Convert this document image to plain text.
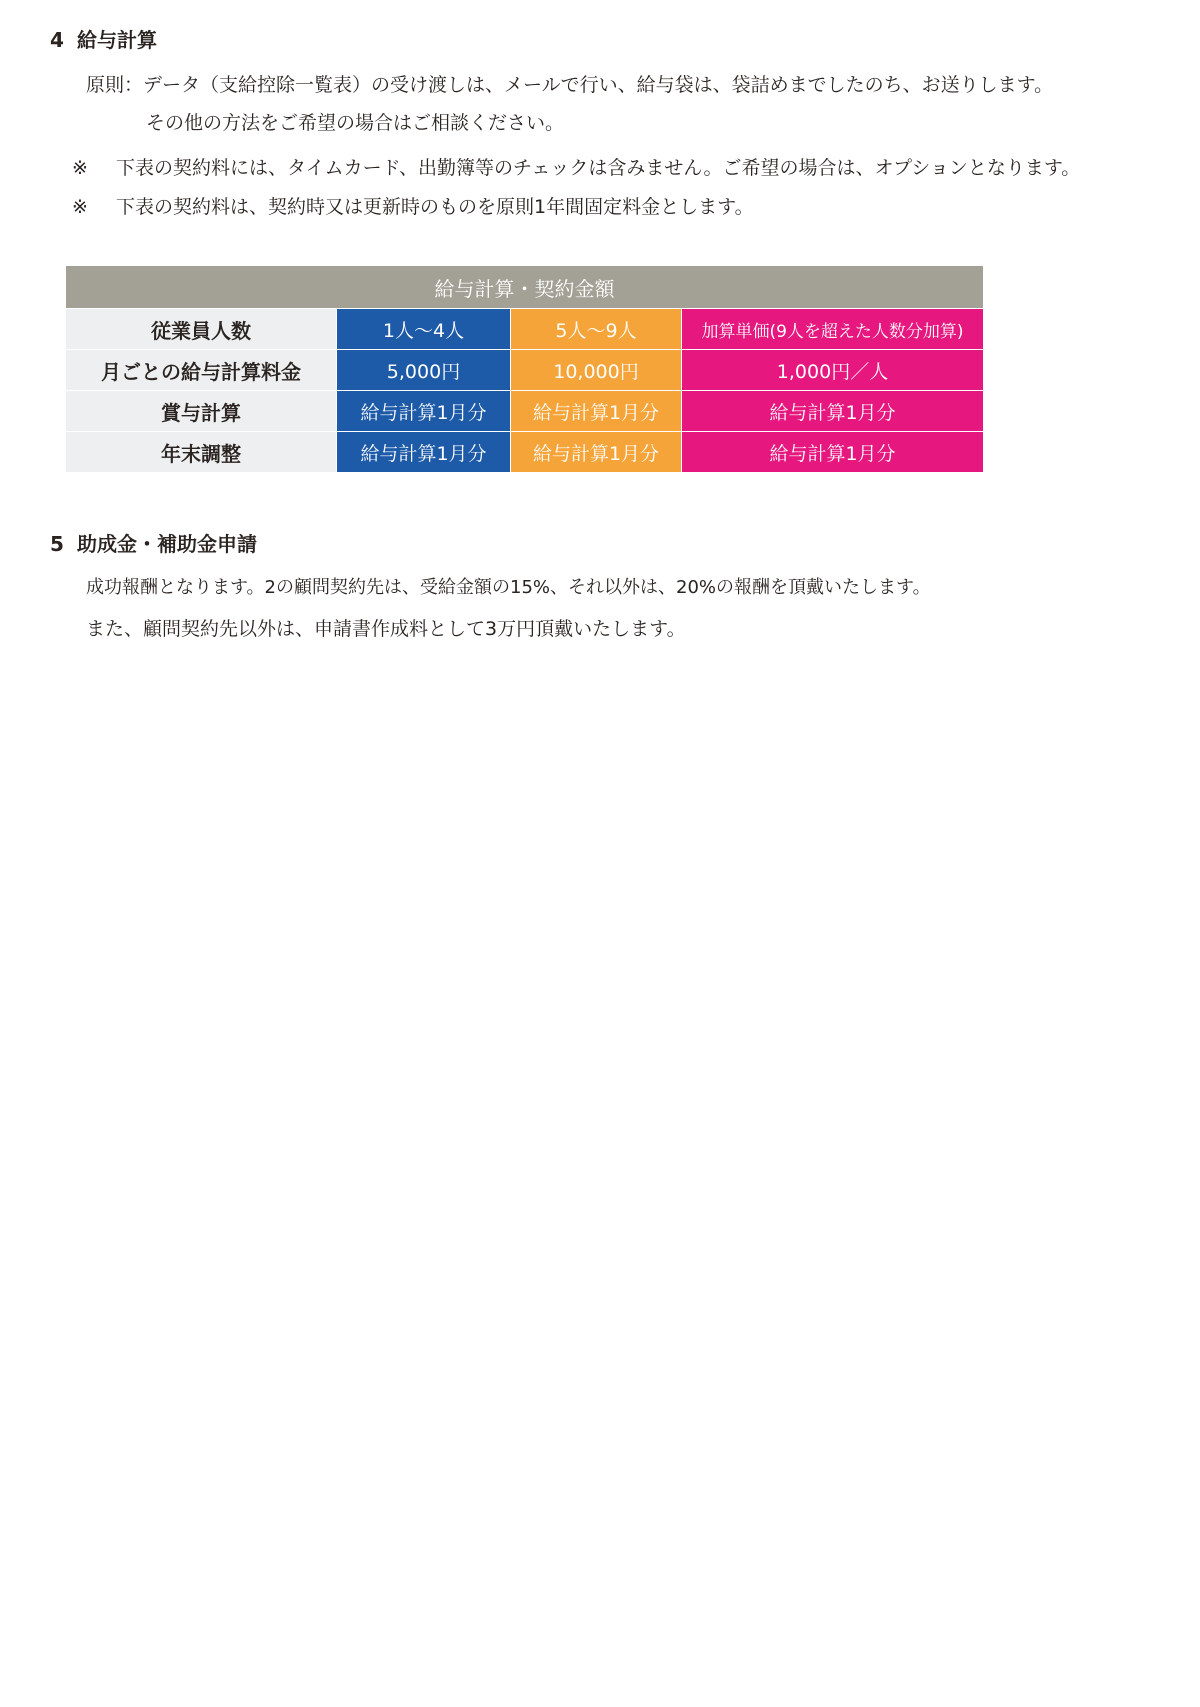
4 給与計算
原則：データ（支給控除一覧表）の受け渡しは、メールで行い、給与袋は、袋詰めまでしたのち、お送りします。
その他の方法をご希望の場合はご相談ください。
※ 下表の契約料には、タイムカード、出勤簿等のチェックは含みません。ご希望の場合は、オプションとなります。
※ 下表の契約料は、契約時又は更新時のものを原則1年間固定料金とします。
給与計算・契約金額
従業員人数	1人～4人	5人～9人	加算単価(9人を超えた人数分加算)
月ごとの給与計算料金	5,000円	10,000円	1,000円／人
賞与計算	給与計算1月分	給与計算1月分	給与計算1月分
年末調整	給与計算1月分	給与計算1月分	給与計算1月分
5 助成金・補助金申請
成功報酬となります。2の顧問契約先は、受給金額の15%、それ以外は、20%の報酬を頂戴いたします。
また、顧問契約先以外は、申請書作成料として3万円頂戴いたします。
